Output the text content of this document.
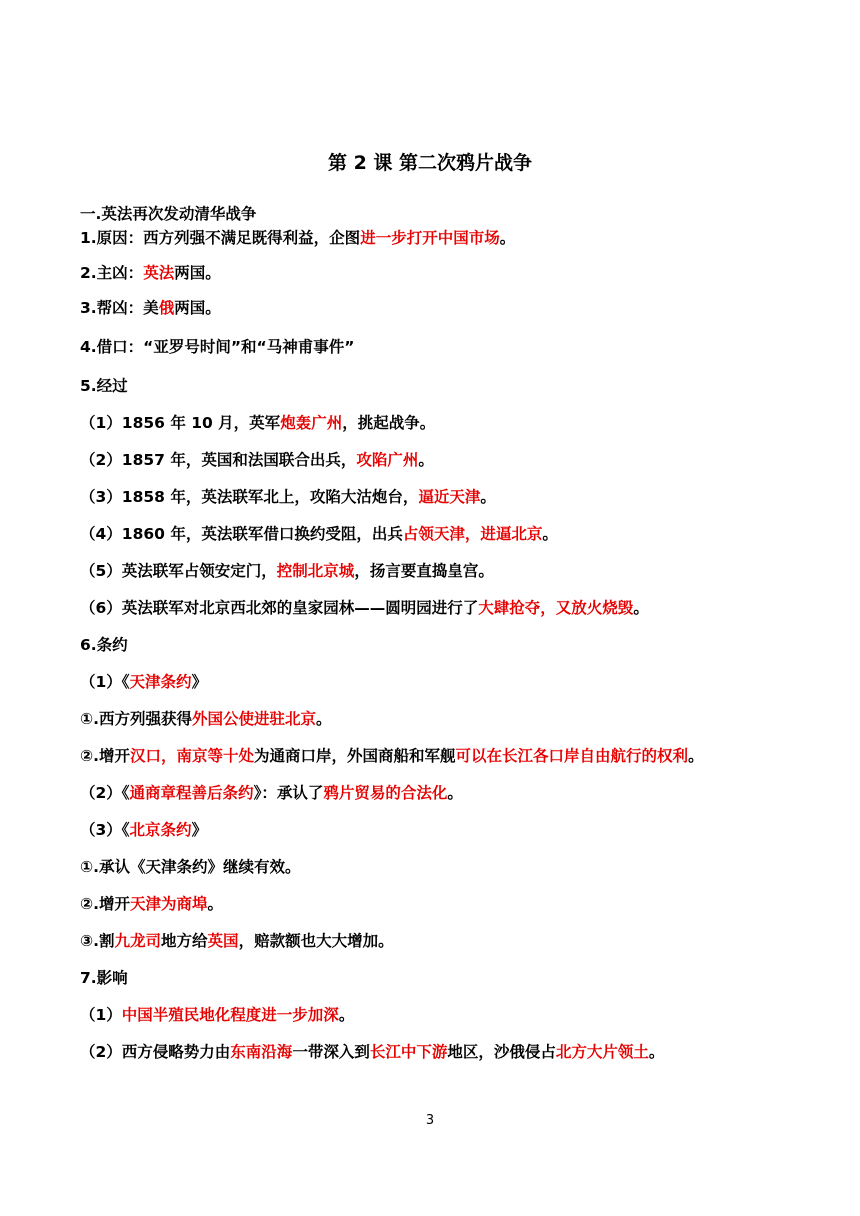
第 2 课 第二次鸦片战争
一.英法再次发动清华战争
1.原因：西方列强不满足既得利益，企图进一步打开中国市场。
2.主凶：英法两国。
3.帮凶：美俄两国。
4.借口：“亚罗号时间”和“马神甫事件”
5.经过
（1）1856 年 10 月，英军炮轰广州，挑起战争。
（2）1857 年，英国和法国联合出兵，攻陷广州。
（3）1858 年，英法联军北上，攻陷大沽炮台，逼近天津。
（4）1860 年，英法联军借口换约受阻，出兵占领天津，进逼北京。
（5）英法联军占领安定门，控制北京城，扬言要直捣皇宫。
（6）英法联军对北京西北郊的皇家园林——圆明园进行了大肆抢夺，又放火烧毁。
6.条约
（1）《天津条约》
①.西方列强获得外国公使进驻北京。
②.增开汉口，南京等十处为通商口岸，外国商船和军舰可以在长江各口岸自由航行的权利。
（2）《通商章程善后条约》：承认了鸦片贸易的合法化。
（3）《北京条约》
①.承认《天津条约》继续有效。
②.增开天津为商埠。
③.割九龙司地方给英国，赔款额也大大增加。
7.影响
（1）中国半殖民地化程度进一步加深。
（2）西方侵略势力由东南沿海一带深入到长江中下游地区，沙俄侵占北方大片领土。
3
